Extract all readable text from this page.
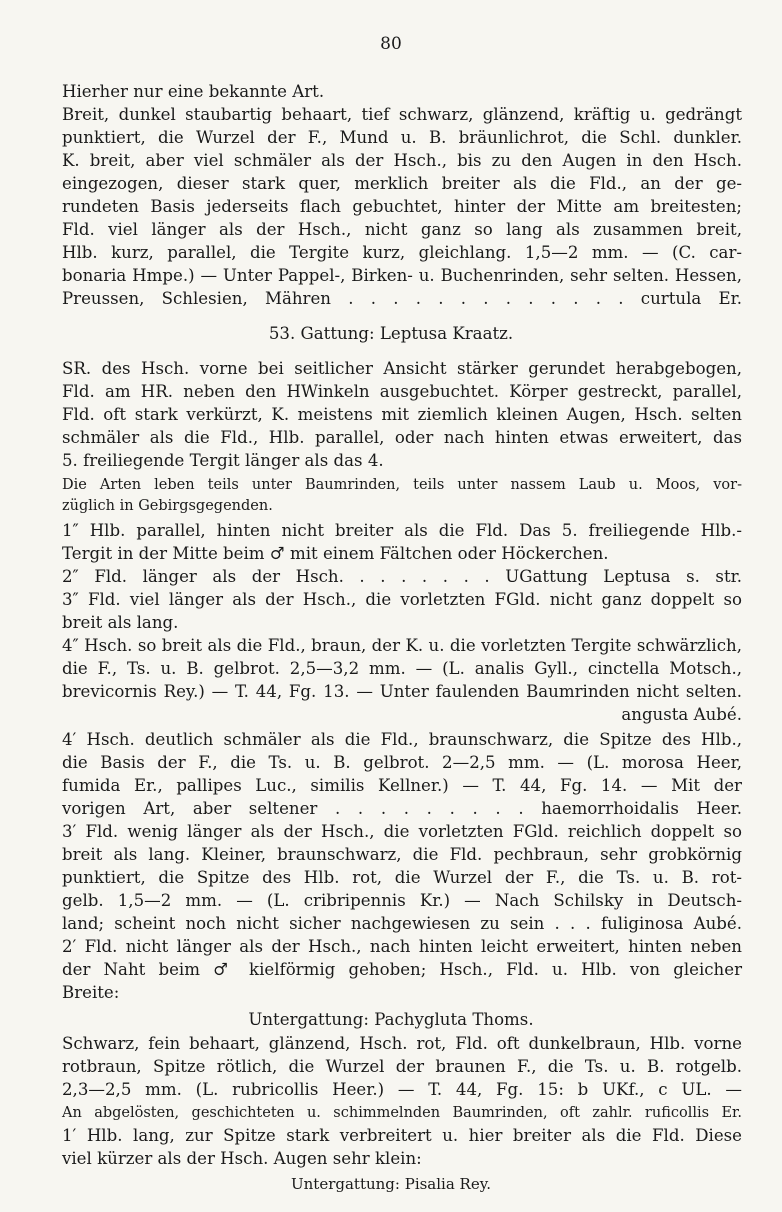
80
Hierher nur eine bekannte Art.
Breit, dunkel staubartig behaart, tief schwarz, glänzend, kräftig u. gedrängt
punktiert, die Wurzel der F., Mund u. B. bräunlichrot, die Schl. dunkler.
K. breit, aber viel schmäler als der Hsch., bis zu den Augen in den Hsch.
eingezogen, dieser stark quer, merklich breiter als die Fld., an der ge-
rundeten Basis jederseits flach gebuchtet, hinter der Mitte am breitesten;
Fld. viel länger als der Hsch., nicht ganz so lang als zusammen breit,
Hlb. kurz, parallel, die Tergite kurz, gleichlang. 1,5—2 mm. — (C. car-
bonaria Hmpe.) — Unter Pappel-, Birken- u. Buchenrinden, sehr selten. Hessen,
Preussen, Schlesien, Mähren . . . . . . . . . . . . . curtula Er.
53. Gattung: Leptusa Kraatz.
SR. des Hsch. vorne bei seitlicher Ansicht stärker gerundet herabgebogen,
Fld. am HR. neben den HWinkeln ausgebuchtet. Körper gestreckt, parallel,
Fld. oft stark verkürzt, K. meistens mit ziemlich kleinen Augen, Hsch. selten
schmäler als die Fld., Hlb. parallel, oder nach hinten etwas erweitert, das
5. freiliegende Tergit länger als das 4.
Die Arten leben teils unter Baumrinden, teils unter nassem Laub u. Moos, vor-
züglich in Gebirgsgegenden.
1″ Hlb. parallel, hinten nicht breiter als die Fld. Das 5. freiliegende Hlb.-
Tergit in der Mitte beim ♂ mit einem Fältchen oder Höckerchen.
2″ Fld. länger als der Hsch. . . . . . . . UGattung Leptusa s. str.
3″ Fld. viel länger als der Hsch., die vorletzten FGld. nicht ganz doppelt so
breit als lang.
4″ Hsch. so breit als die Fld., braun, der K. u. die vorletzten Tergite schwärzlich,
die F., Ts. u. B. gelbrot. 2,5—3,2 mm. — (L. analis Gyll., cinctella Motsch.,
brevicornis Rey.) — T. 44, Fg. 13. — Unter faulenden Baumrinden nicht selten.
angusta Aubé.
4′ Hsch. deutlich schmäler als die Fld., braunschwarz, die Spitze des Hlb.,
die Basis der F., die Ts. u. B. gelbrot. 2—2,5 mm. — (L. morosa Heer,
fumida Er., pallipes Luc., similis Kellner.) — T. 44, Fg. 14. — Mit der
vorigen Art, aber seltener . . . . . . . . . haemorrhoidalis Heer.
3′ Fld. wenig länger als der Hsch., die vorletzten FGld. reichlich doppelt so
breit als lang. Kleiner, braunschwarz, die Fld. pechbraun, sehr grobkörnig
punktiert, die Spitze des Hlb. rot, die Wurzel der F., die Ts. u. B. rot-
gelb. 1,5—2 mm. — (L. cribripennis Kr.) — Nach Schilsky in Deutsch-
land; scheint noch nicht sicher nachgewiesen zu sein . . . fuliginosa Aubé.
2′ Fld. nicht länger als der Hsch., nach hinten leicht erweitert, hinten neben
der Naht beim ♂ kielförmig gehoben; Hsch., Fld. u. Hlb. von gleicher
Breite:
Untergattung: Pachygluta Thoms.
Schwarz, fein behaart, glänzend, Hsch. rot, Fld. oft dunkelbraun, Hlb. vorne
rotbraun, Spitze rötlich, die Wurzel der braunen F., die Ts. u. B. rotgelb.
2,3—2,5 mm. (L. rubricollis Heer.) — T. 44, Fg. 15: b UKf., c UL. —
An abgelösten, geschichteten u. schimmelnden Baumrinden, oft zahlr. ruficollis Er.
1′ Hlb. lang, zur Spitze stark verbreitert u. hier breiter als die Fld. Diese
viel kürzer als der Hsch. Augen sehr klein:
Untergattung: Pisalia Rey.
